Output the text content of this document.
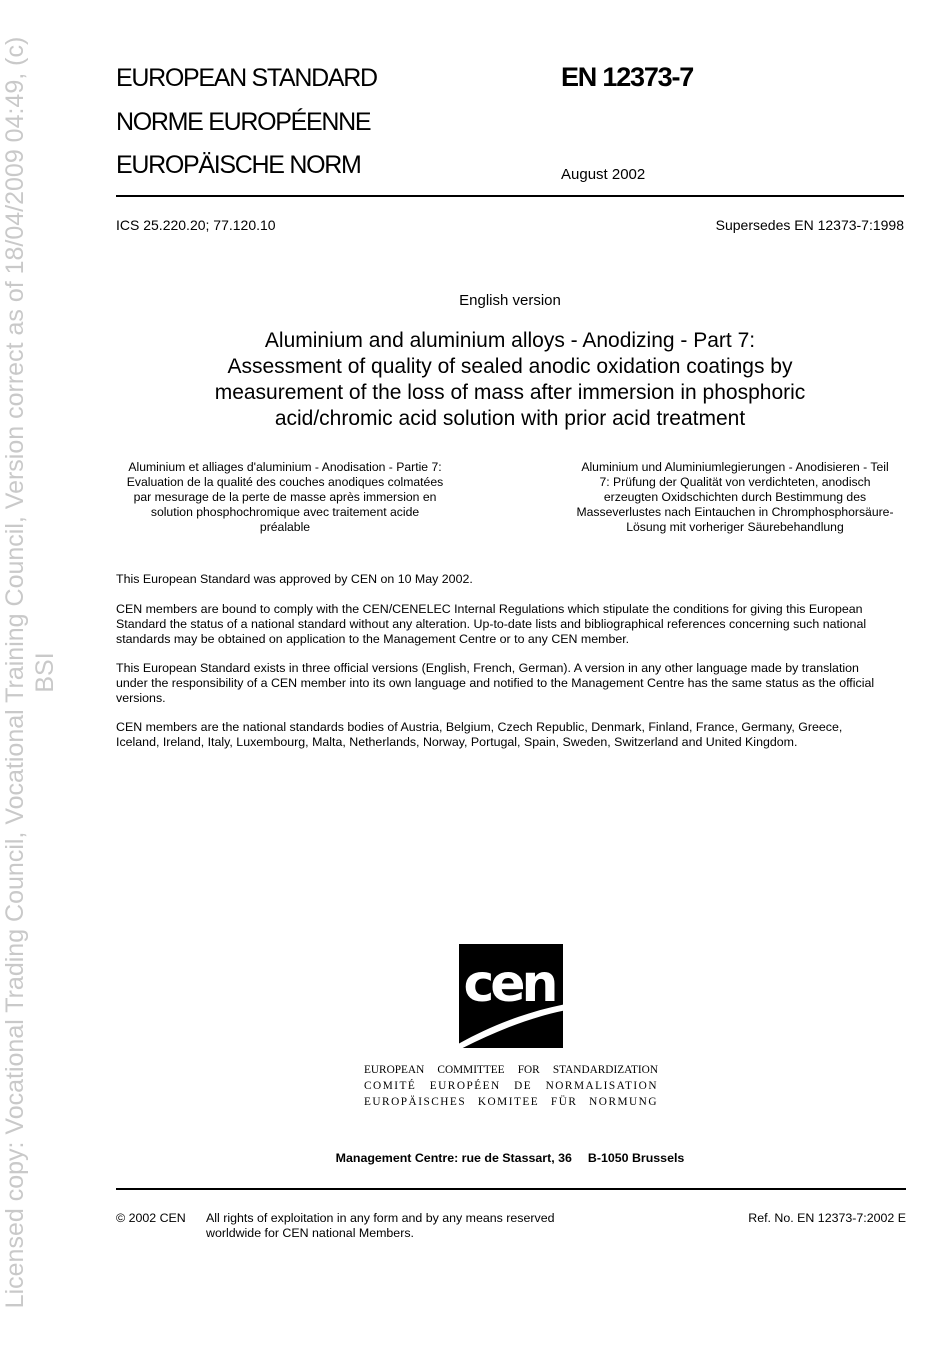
Licensed copy: Vocational Trading Council, Vocational Training Council, Version correct as of 18/04/2009 04:49, (c) BSI
EUROPEAN STANDARD
NORME EUROPÉENNE
EUROPÄISCHE NORM
EN 12373-7
August 2002
ICS 25.220.20; 77.120.10	Supersedes EN 12373-7:1998
English version
Aluminium and aluminium alloys - Anodizing - Part 7:
Assessment of quality of sealed anodic oxidation coatings by
measurement of the loss of mass after immersion in phosphoric
acid/chromic acid solution with prior acid treatment
Aluminium et alliages d'aluminium - Anodisation - Partie 7:
Evaluation de la qualité des couches anodiques colmatées
par mesurage de la perte de masse après immersion en
solution phosphochromique avec traitement acide
préalable
Aluminium und Aluminiumlegierungen - Anodisieren - Teil
7: Prüfung der Qualität von verdichteten, anodisch
erzeugten Oxidschichten durch Bestimmung des
Masseverlustes nach Eintauchen in Chromphosphorsäure-
Lösung mit vorheriger Säurebehandlung
This European Standard was approved by CEN on 10 May 2002.
CEN members are bound to comply with the CEN/CENELEC Internal Regulations which stipulate the conditions for giving this European
Standard the status of a national standard without any alteration. Up-to-date lists and bibliographical references concerning such national
standards may be obtained on application to the Management Centre or to any CEN member.
This European Standard exists in three official versions (English, French, German). A version in any other language made by translation
under the responsibility of a CEN member into its own language and notified to the Management Centre has the same status as the official
versions.
CEN members are the national standards bodies of Austria, Belgium, Czech Republic, Denmark, Finland, France, Germany, Greece,
Iceland, Ireland, Italy, Luxembourg, Malta, Netherlands, Norway, Portugal, Spain, Sweden, Switzerland and United Kingdom.
cen
EUROPEAN COMMITTEE FOR STANDARDIZATION
COMITÉ EUROPÉEN DE NORMALISATION
EUROPÄISCHES KOMITEE FÜR NORMUNG
Management Centre: rue de Stassart, 36 B-1050 Brussels
© 2002 CEN All rights of exploitation in any form and by any means reserved
worldwide for CEN national Members.
Ref. No. EN 12373-7:2002 E
